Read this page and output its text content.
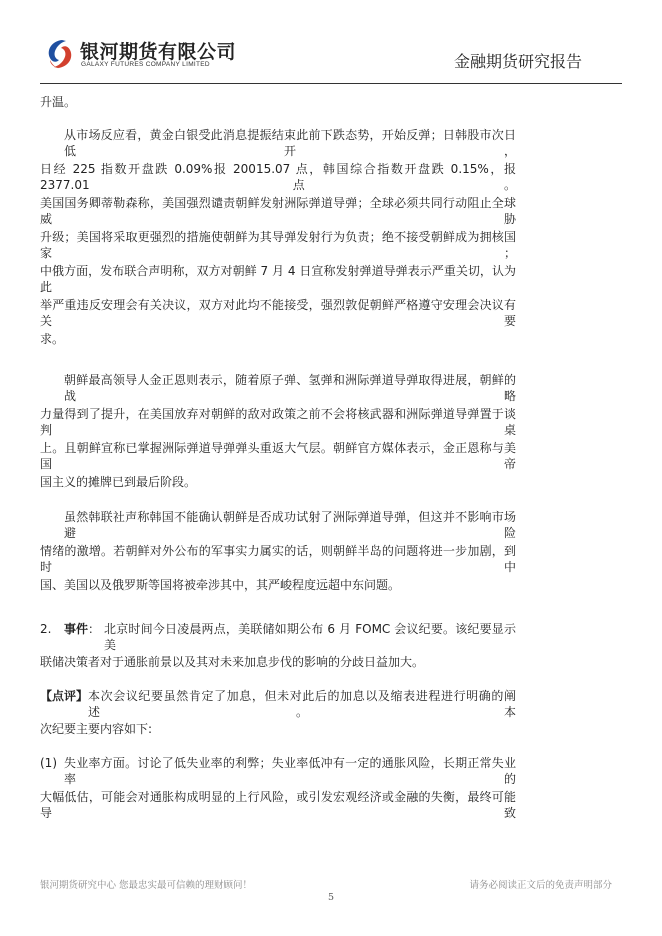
银河期货有限公司
GALAXY FUTURES COMPANY LIMITED	金融期货研究报告
升温。
从市场反应看，黄金白银受此消息提振结束此前下跌态势，开始反弹；日韩股市次日低开，
日经 225 指数开盘跌 0.09%报 20015.07 点，韩国综合指数开盘跌 0.15%，报 2377.01 点。
美国国务卿蒂勒森称，美国强烈谴责朝鲜发射洲际弹道导弹；全球必须共同行动阻止全球威胁
升级；美国将采取更强烈的措施使朝鲜为其导弹发射行为负责；绝不接受朝鲜成为拥核国家；
中俄方面，发布联合声明称，双方对朝鲜 7 月 4 日宣称发射弹道导弹表示严重关切，认为此
举严重违反安理会有关决议，双方对此均不能接受，强烈敦促朝鲜严格遵守安理会决议有关要
求。
朝鲜最高领导人金正恩则表示，随着原子弹、氢弹和洲际弹道导弹取得进展，朝鲜的战略
力量得到了提升，在美国放弃对朝鲜的敌对政策之前不会将核武器和洲际弹道导弹置于谈判桌
上。且朝鲜宣称已掌握洲际弹道导弹弹头重返大气层。朝鲜官方媒体表示，金正恩称与美国帝
国主义的摊牌已到最后阶段。
虽然韩联社声称韩国不能确认朝鲜是否成功试射了洲际弹道导弹，但这并不影响市场避险
情绪的激增。若朝鲜对外公布的军事实力属实的话，则朝鲜半岛的问题将进一步加剧，到时中
国、美国以及俄罗斯等国将被牵涉其中，其严峻程度远超中东问题。
2.	事件 ： 北京时间今日凌晨两点，美联储如期公布 6 月 FOMC 会议纪要。该纪要显示美
联储决策者对于通胀前景以及其对未来加息步伐的影响的分歧日益加大。
【点评】 本次会议纪要虽然肯定了加息，但未对此后的加息以及缩表进程进行明确的阐述。本
次纪要主要内容如下:
(1) 失业率方面。讨论了低失业率的利弊；失业率低冲有一定的通胀风险，长期正常失业率的
大幅低估，可能会对通胀构成明显的上行风险，或引发宏观经济或金融的失衡，最终可能导致
银河期货研究中心 您最忠实最可信赖的理财顾问！	请务必阅读正文后的免责声明部分
5
